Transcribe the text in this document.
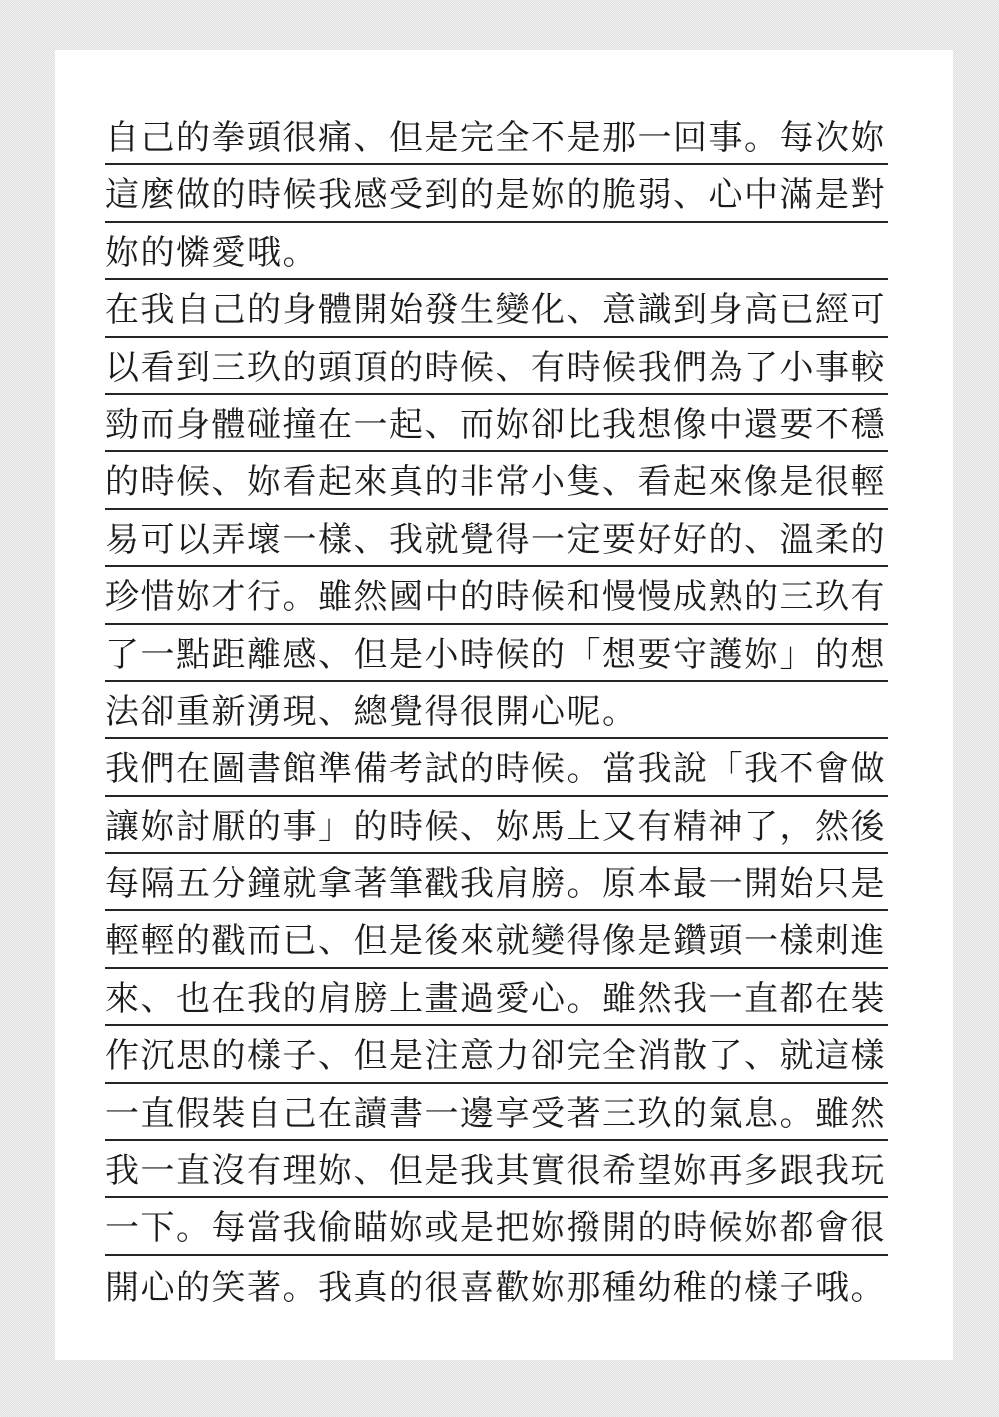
自己的拳頭很痛、但是完全不是那一回事。每次妳
這麼做的時候我感受到的是妳的脆弱、心中滿是對
妳的憐愛哦。
在我自己的身體開始發生變化、意識到身高已經可
以看到三玖的頭頂的時候、有時候我們為了小事較
勁而身體碰撞在一起、而妳卻比我想像中還要不穩
的時候、妳看起來真的非常小隻、看起來像是很輕
易可以弄壞一樣、我就覺得一定要好好的、溫柔的
珍惜妳才行。雖然國中的時候和慢慢成熟的三玖有
了一點距離感、但是小時候的「想要守護妳」的想
法卻重新湧現、總覺得很開心呢。
我們在圖書館準備考試的時候。當我說「我不會做
讓妳討厭的事」的時候、妳馬上又有精神了，然後
每隔五分鐘就拿著筆戳我肩膀。原本最一開始只是
輕輕的戳而已、但是後來就變得像是鑽頭一樣刺進
來、也在我的肩膀上畫過愛心。雖然我一直都在裝
作沉思的樣子、但是注意力卻完全消散了、就這樣
一直假裝自己在讀書一邊享受著三玖的氣息。雖然
我一直沒有理妳、但是我其實很希望妳再多跟我玩
一下。每當我偷瞄妳或是把妳撥開的時候妳都會很
開心的笑著。我真的很喜歡妳那種幼稚的樣子哦。
